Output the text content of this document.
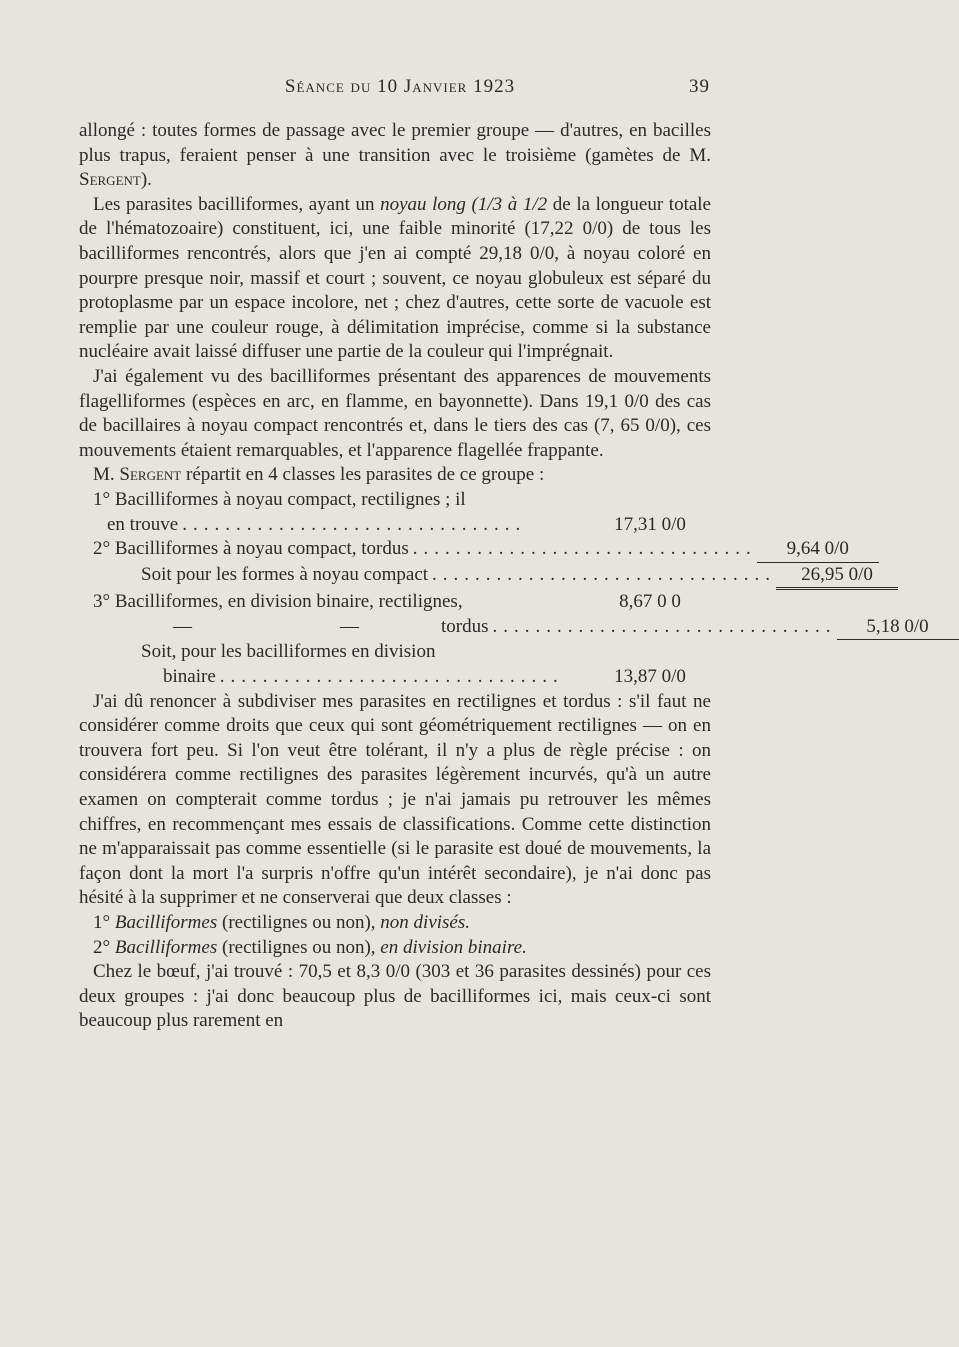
Séance du 10 Janvier 1923	39

allongé : toutes formes de passage avec le premier groupe — d'autres, en bacilles plus trapus, feraient penser à une transition avec le troisième (gamètes de M. Sergent).

Les parasites bacilliformes, ayant un noyau long (1/3 à 1/2 de la longueur totale de l'hématozoaire) constituent, ici, une faible minorité (17,22 0/0) de tous les bacilliformes rencontrés, alors que j'en ai compté 29,18 0/0, à noyau coloré en pourpre presque noir, massif et court ; souvent, ce noyau globuleux est séparé du protoplasme par un espace incolore, net ; chez d'autres, cette sorte de vacuole est remplie par une couleur rouge, à délimitation imprécise, comme si la substance nucléaire avait laissé diffuser une partie de la couleur qui l'imprégnait.

J'ai également vu des bacilliformes présentant des apparences de mouvements flagelliformes (espèces en arc, en flamme, en bayonnette). Dans 19,1 0/0 des cas de bacillaires à noyau compact rencontrés et, dans le tiers des cas (7, 65 0/0), ces mouvements étaient remarquables, et l'apparence flagellée frappante.

M. Sergent répartit en 4 classes les parasites de ce groupe :

1° Bacilliformes à noyau compact, rectilignes ; il
en trouve ................................	17,31 0/0
2° Bacilliformes à noyau compact, tordus ................................	9,64 0/0
Soit pour les formes à noyau compact ................................	26,95 0/0
3° Bacilliformes, en division binaire, rectilignes,	8,67 0 0
—	—	tordus ................................	5,18 0/0
Soit, pour les bacilliformes en division
binaire ................................	13,87 0/0

J'ai dû renoncer à subdiviser mes parasites en rectilignes et tordus : s'il faut ne considérer comme droits que ceux qui sont géométriquement rectilignes — on en trouvera fort peu. Si l'on veut être tolérant, il n'y a plus de règle précise : on considérera comme rectilignes des parasites légèrement incurvés, qu'à un autre examen on compterait comme tordus ; je n'ai jamais pu retrouver les mêmes chiffres, en recommençant mes essais de classifications. Comme cette distinction ne m'apparaissait pas comme essentielle (si le parasite est doué de mouvements, la façon dont la mort l'a surpris n'offre qu'un intérêt secondaire), je n'ai donc pas hésité à la supprimer et ne conserverai que deux classes :

1° Bacilliformes (rectilignes ou non), non divisés.

2° Bacilliformes (rectilignes ou non), en division binaire.

Chez le bœuf, j'ai trouvé : 70,5 et 8,3 0/0 (303 et 36 parasites dessinés) pour ces deux groupes : j'ai donc beaucoup plus de bacilliformes ici, mais ceux-ci sont beaucoup plus rarement en
